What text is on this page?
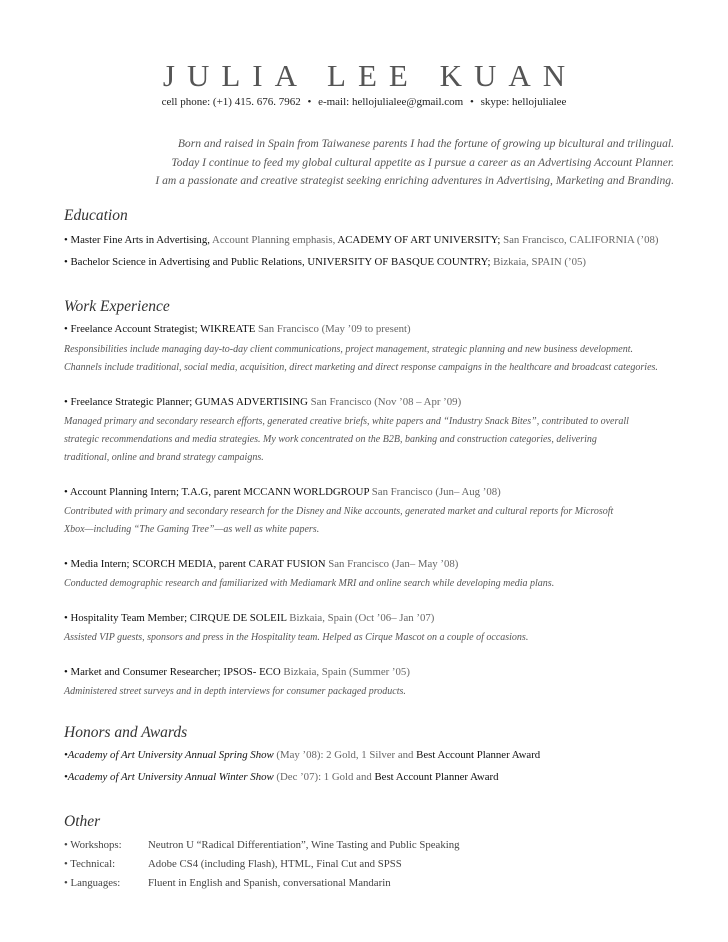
JULIA LEE KUAN
cell phone: (+1) 415. 676. 7962 • e-mail: hellojulialee@gmail.com • skype: hellojulialee
Born and raised in Spain from Taiwanese parents I had the fortune of growing up bicultural and trilingual.
Today I continue to feed my global cultural appetite as I pursue a career as an Advertising Account Planner.
I am a passionate and creative strategist seeking enriching adventures in Advertising, Marketing and Branding.
Education
• Master Fine Arts in Advertising, Account Planning emphasis, ACADEMY OF ART UNIVERSITY; San Francisco, CALIFORNIA (’08)
• Bachelor Science in Advertising and Public Relations, UNIVERSITY OF BASQUE COUNTRY; Bizkaia, SPAIN (’05)
Work Experience
• Freelance Account Strategist; WIKREATE San Francisco (May ’09 to present)
Responsibilities include managing day-to-day client communications, project management, strategic planning and new business development.
Channels include traditional, social media, acquisition, direct marketing and direct response campaigns in the healthcare and broadcast categories.
• Freelance Strategic Planner; GUMAS ADVERTISING San Francisco (Nov ’08 – Apr ’09)
Managed primary and secondary research efforts, generated creative briefs, white papers and “Industry Snack Bites”, contributed to overall
strategic recommendations and media strategies. My work concentrated on the B2B, banking and construction categories, delivering
traditional, online and brand strategy campaigns.
• Account Planning Intern; T.A.G, parent MCCANN WORLDGROUP San Francisco (Jun– Aug ’08)
Contributed with primary and secondary research for the Disney and Nike accounts, generated market and cultural reports for Microsoft
Xbox—including “The Gaming Tree”—as well as white papers.
• Media Intern; SCORCH MEDIA, parent CARAT FUSION San Francisco (Jan– May ’08)
Conducted demographic research and familiarized with Mediamark MRI and online search while developing media plans.
• Hospitality Team Member; CIRQUE DE SOLEIL Bizkaia, Spain (Oct ’06– Jan ’07)
Assisted VIP guests, sponsors and press in the Hospitality team. Helped as Cirque Mascot on a couple of occasions.
• Market and Consumer Researcher; IPSOS- ECO Bizkaia, Spain (Summer ’05)
Administered street surveys and in depth interviews for consumer packaged products.
Honors and Awards
•Academy of Art University Annual Spring Show (May ’08): 2 Gold, 1 Silver and Best Account Planner Award
•Academy of Art University Annual Winter Show (Dec ’07): 1 Gold and Best Account Planner Award
Other
• Workshops: Neutron U “Radical Differentiation”, Wine Tasting and Public Speaking
• Technical:	Adobe CS4 (including Flash), HTML, Final Cut and SPSS
• Languages:	Fluent in English and Spanish, conversational Mandarin
